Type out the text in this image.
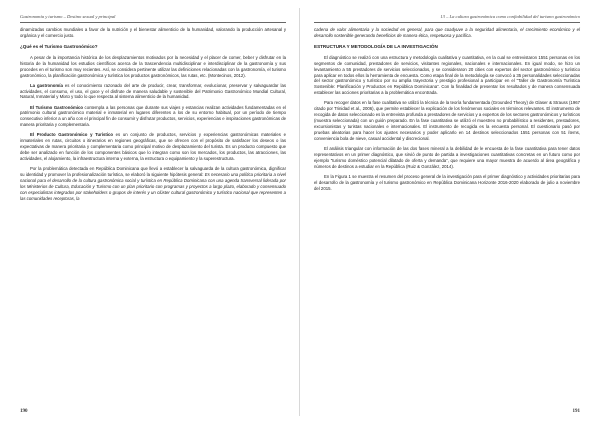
Gastronomía y turismo – Destino sexual y principal

dinamizadas cambios mundiales a favor de la nutrición y el bienestar alimenticio de la humanidad, valorando la producción artesanal y orgánica y el comercio justo.

¿Qué es el Turismo Gastronómico?

A pesar de la importancia histórica de los desplazamientos motivados por la necesidad y el placer de comer, beber y disfrutar en la historia de la humanidad los estudios científicos acerca de la trascendencia multidisciplinar e interdisciplinar de la gastronomía y sus procedes en el turismo son muy recientes. Así, se considera pertinente utilizar las definiciones relacionadas con la gastronomía, el turismo gastronómico, la planificación gastronómica y turística los productos gastronómicos, las rutas, etc. (Montecinos, 2012).

La gastronomía es el conocimiento razonado del arte de producir, crear, transformar, evolucionar, preservar y salvaguardar las actividades, el consumo, el uso, el goce y el disfrute de manera saludable y sostenible del Patrimonio Gastronómico Mundial Cultural, Natural, Inmaterial y Mixto y todo lo que respecta al sistema alimenticio de la humanidad.

El Turismo Gastronómico contempla a las personas que durante sus viajes y estancias realizan actividades fundamentadas en el patrimonio cultural gastronómico material e inmaterial en lugares diferentes a los de su entorno habitual, por un período de tiempo consecutivo inferior a un año con el principal fin de consumir y disfrutar productos, servicios, experiencias e inspiraciones gastronómicas de manera prioritaria y complementaria.

El Producto Gastronómico y Turístico es un conjunto de productos, servicios y experiencias gastronómicas materiales e inmateriales en rutas, circuitos o itinerarios en regiones geográficas, que se ofrecen con el propósito de satisfacer los deseos o las expectativas de manera prioritaria y complementaria como principal motivo de desplazamiento del turista. Es un producto compuesto que debe ser analizado en función de los componentes básicos que lo integran como son los mercados, los productos, las atracciones, las actividades, el alojamiento, la infraestructura interna y externa, la estructura o equipamiento y la superestructura.

Por la problemática detectada en República Dominicana que llevó a establecer la salvaguarda de la cultura gastronómica, dignificar su identidad y promover la profesionalización turística, se elaboró la siguiente hipótesis general: Es necesario una política prioritaria a nivel nacional para el desarrollo de la cultura gastronómica social y turística en República Dominicana con una agenda transversal liderada por los Ministerios de Cultura, Educación y Turismo con un plan prioritario con programas y proyectos a largo plazo, elaborado y consensuado con especialistas integrados por stakeholders o grupos de interés y un clúster cultural gastronómico y turístico nacional que representen a las comunidades receptoras, la

190
13 – La cultura gastronómica como confiabilidad del turismo gastronómico

cadena de valor alimentaria y la sociedad en general, para que coadyuve a la seguridad alimentaria, el crecimiento económico y el desarrollo sostenible generando beneficios de manera ética, respetuosa y pacífica.

ESTRUCTURA Y METODOLOGÍA DE LA INVESTIGACIÓN

El diagnóstico se realizó con una estructura y metodología cualitativa y cuantitativa, en la cual se entrevistaron 1551 personas en los segmentos de comunidad, prestadores de servicios, visitantes regionales, nacionales e internacionales. En igual modo, se hizo un levantamiento a 55 prestadores de servicios seleccionados, y se consideraron 20 cities con expertos del sector gastronómico y turístico para aplicar en todos ellos la herramienta de encuesta. Como etapa final de la metodología se convocó a 35 personalidades seleccionadas del sector gastronómico y turístico por su amplia trayectoria y prestigio profesional a participar en el “Taller de Gastronomía Turística Sostenible: Planificación y Productos en República Dominicana”. Con la finalidad de presentar los resultados y de manera consensuada establecer las acciones prioritarias a la problemática encontrada.

Para recoger datos en la fase cualitativa se utilizó la técnica de la teoría fundamentada (Grounded Theory) de Glaser & Strauss (1967 citado por Trinidad et al., 2006), que permite establecer la explicación de los fenómenos sociales en términos relevantes. El instrumento de recogida de datos seleccionado es la entrevista profunda a prestadores de servicios y a expertos de los sectores gastronómicos y turísticos (muestra seleccionada) con un guión preparado. En la fase cuantitativa se utilizó el muestreo no probabilístico a residentes, prestadores, excursionistas y turistas nacionales e internacionales. El instrumento de recogida es la encuesta personal. El cuestionario pasó por pruebas aleatorias para hacer los ajustes necesarios y poder aplicarlo en 14 destinos seleccionados 1551 personas con 51 ítems, conveniencia bola de nieve, casual accidental y discrecional.

El análisis triangular con información de las dos fases mineral a la debilidad de le encuesta de la fase cuantitativa para tener datos representativos en un primer diagnóstico, que sirvió de punto de partida a investigaciones cuantitativas concretas en un futuro como por ejemplo “turismo doméstico potencial dilatado de oferta y demanda”, que requiere una mayor muestra de acuerdo al área geográfica y números de destinos a estudiar en la República (Ruiz & González, 2014).

En la Figura 1 se muestra el resumen del proceso general de la investigación para el primer diagnóstico y actividades prioritarias para el desarrollo de la gastronomía y el turismo gastronómico en República Dominicana Horizonte 2016-2020 elaborado de julio a noviembre del 2015.

191
